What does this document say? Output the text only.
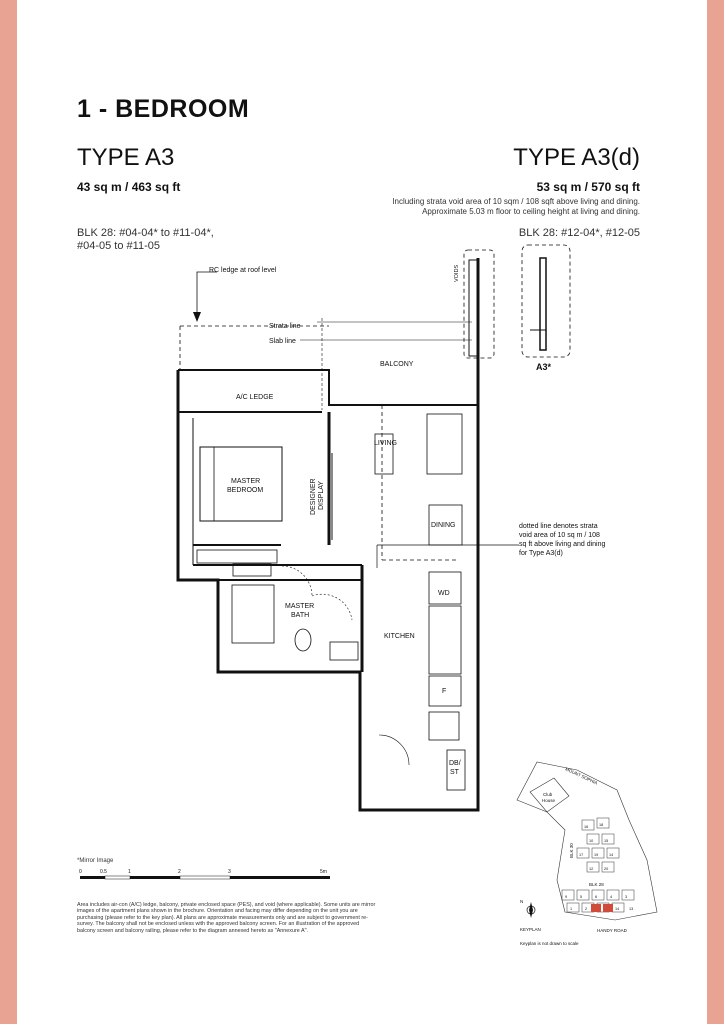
1 - BEDROOM
TYPE A3	TYPE A3(d)
43 sq m / 463 sq ft	53 sq m / 570 sq ft
Including strata void area of 10 sqm / 108 sqft above living and dining.
Approximate 5.03 m floor to ceiling height at living and dining.
BLK 28: #04-04* to #11-04*,
#04-05 to #11-05
BLK 28: #12-04*, #12-05
RC ledge at roof level
Strata line
Slab line
VOIDS
BALCONY
A/C LEDGE
LIVING
MASTER
BEDROOM	DESIGNER DISPLAY
DINING
MASTER
BATH
KITCHEN
WD
F
DB/
ST
dotted line denotes strata
void area of 10 sq m / 108
sq ft above living and dining
for Type A3(d)
A3*
0	0.5	1	2	3	5m
N
MOUNT SOPHIA
Club
House
BLK 30
BLK 28
HANDY ROAD
KEYPLAN
Keyplan is not drawn to scale
16	18
10	15
17	19	14
12	20
9	5	6	4	3
1	2	14	13
*Mirror Image
Area includes air-con (A/C) ledge, balcony, private enclosed space (PES), and void (where applicable). Some units are mirror images of the apartment plans shown in the brochure. Orientation and facing may differ depending on the unit you are purchasing (please refer to the key plan). All plans are approximate measurements only and are subject to government re-survey. The balcony shall not be enclosed unless with the approved balcony screen. For an illustration of the approved balcony screen and balcony railing, please refer to the diagram annexed hereto as "Annexure A".
